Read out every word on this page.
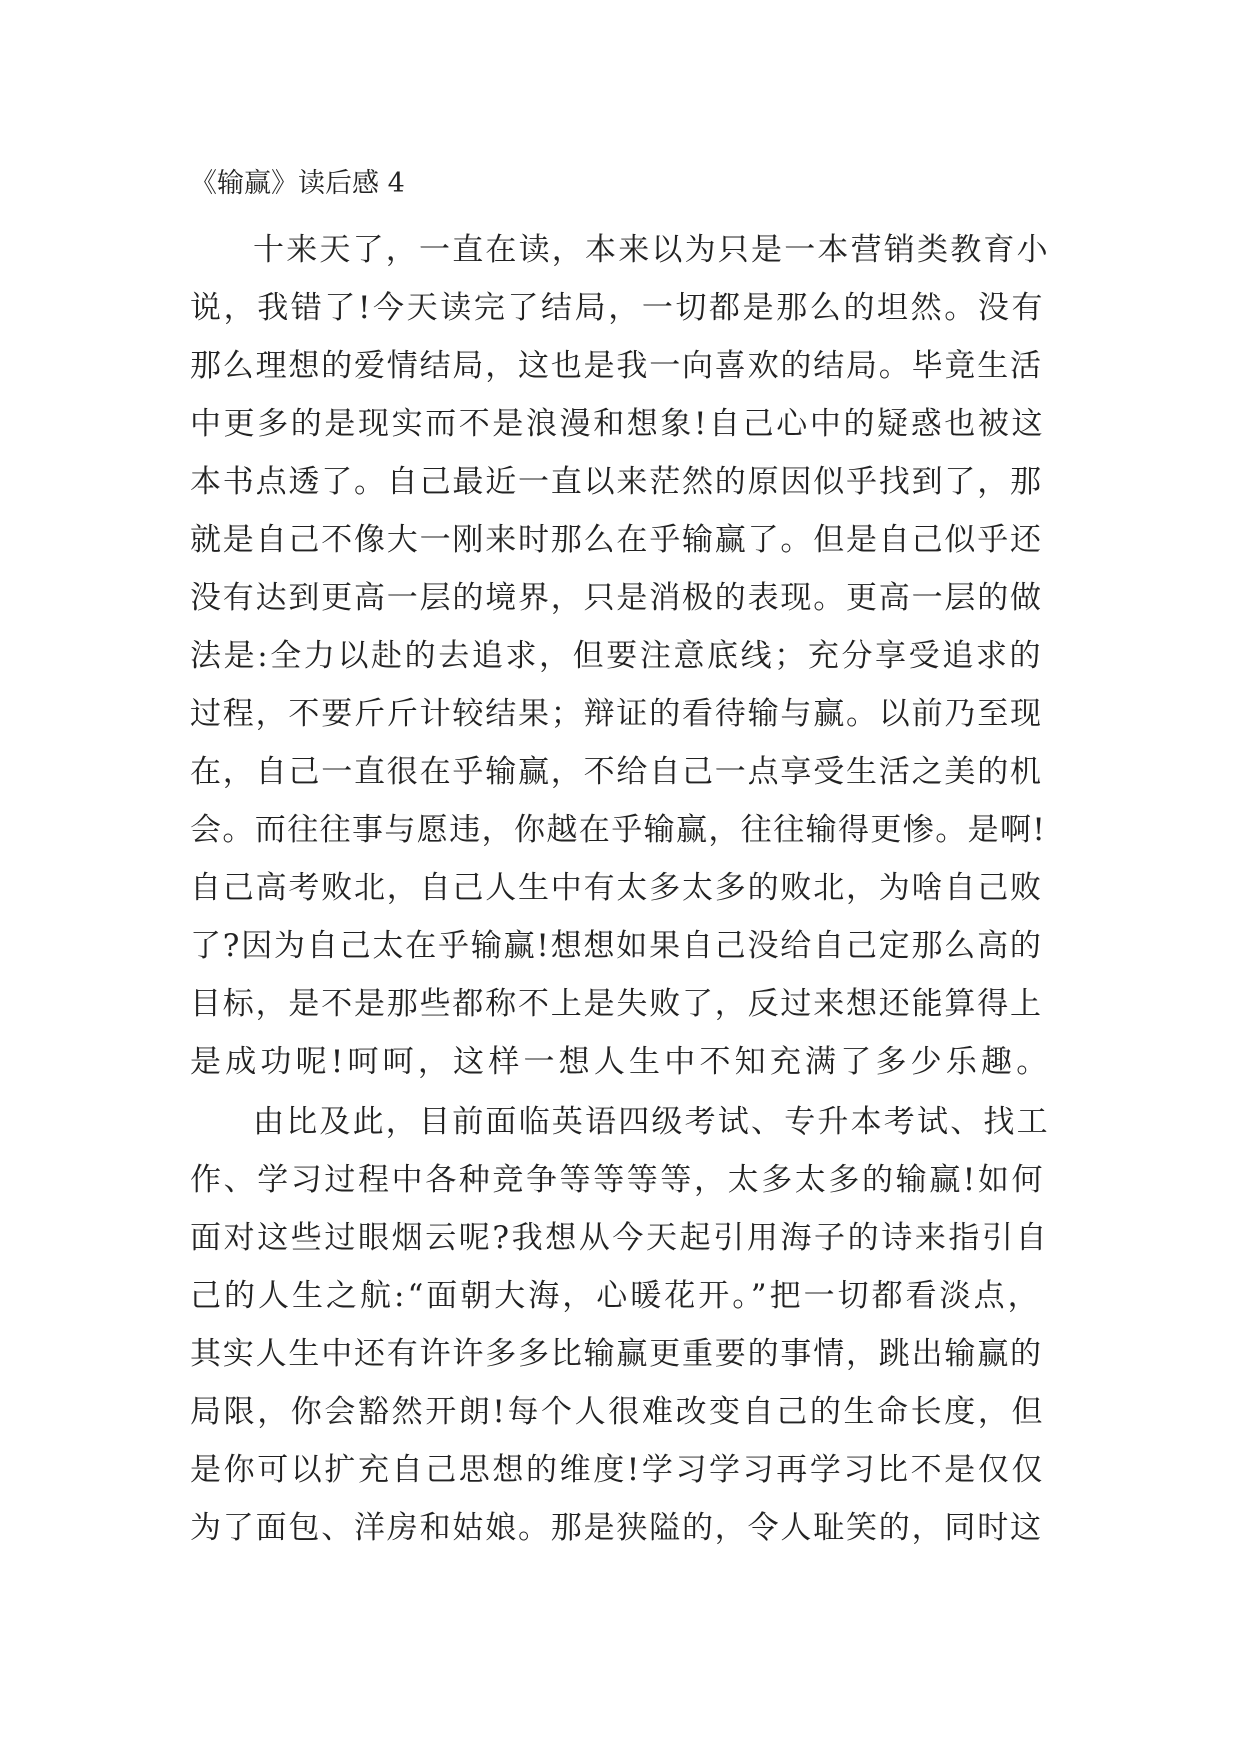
《输赢》读后感 4

十来天了，一直在读，本来以为只是一本营销类教育小

说，我错了!今天读完了结局，一切都是那么的坦然。没有

那么理想的爱情结局，这也是我一向喜欢的结局。毕竟生活

中更多的是现实而不是浪漫和想象!自己心中的疑惑也被这

本书点透了。自己最近一直以来茫然的原因似乎找到了，那

就是自己不像大一刚来时那么在乎输赢了。但是自己似乎还

没有达到更高一层的境界，只是消极的表现。更高一层的做

法是:全力以赴的去追求，但要注意底线；充分享受追求的

过程，不要斤斤计较结果；辩证的看待输与赢。以前乃至现

在，自己一直很在乎输赢，不给自己一点享受生活之美的机

会。而往往事与愿违，你越在乎输赢，往往输得更惨。是啊!

自己高考败北，自己人生中有太多太多的败北，为啥自己败

了?因为自己太在乎输赢!想想如果自己没给自己定那么高的

目标，是不是那些都称不上是失败了，反过来想还能算得上

是成功呢!呵呵，这样一想人生中不知充满了多少乐趣。

由比及此，目前面临英语四级考试、专升本考试、找工

作、学习过程中各种竞争等等等等，太多太多的输赢!如何

面对这些过眼烟云呢?我想从今天起引用海子的诗来指引自

己的人生之航:“面朝大海，心暖花开。”把一切都看淡点，

其实人生中还有许许多多比输赢更重要的事情，跳出输赢的

局限，你会豁然开朗!每个人很难改变自己的生命长度，但

是你可以扩充自己思想的维度!学习学习再学习比不是仅仅

为了面包、洋房和姑娘。那是狭隘的，令人耻笑的，同时这
